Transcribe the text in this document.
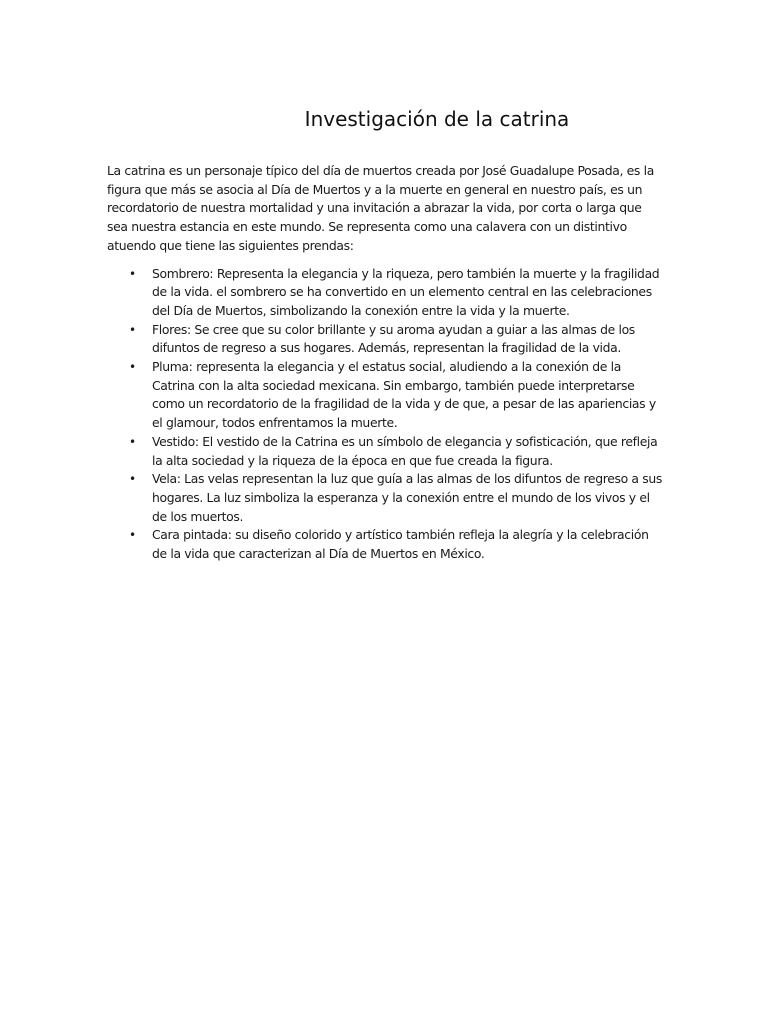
Investigación de la catrina

La catrina es un personaje típico del día de muertos creada por José Guadalupe Posada, es la figura que más se asocia al Día de Muertos y a la muerte en general en nuestro país, es un recordatorio de nuestra mortalidad y una invitación a abrazar la vida, por corta o larga que sea nuestra estancia en este mundo. Se representa como una calavera con un distintivo atuendo que tiene las siguientes prendas:

• Sombrero: Representa la elegancia y la riqueza, pero también la muerte y la fragilidad de la vida. el sombrero se ha convertido en un elemento central en las celebraciones del Día de Muertos, simbolizando la conexión entre la vida y la muerte.
• Flores: Se cree que su color brillante y su aroma ayudan a guiar a las almas de los difuntos de regreso a sus hogares. Además, representan la fragilidad de la vida.
• Pluma: representa la elegancia y el estatus social, aludiendo a la conexión de la Catrina con la alta sociedad mexicana. Sin embargo, también puede interpretarse como un recordatorio de la fragilidad de la vida y de que, a pesar de las apariencias y el glamour, todos enfrentamos la muerte.
• Vestido: El vestido de la Catrina es un símbolo de elegancia y sofisticación, que refleja la alta sociedad y la riqueza de la época en que fue creada la figura.
• Vela: Las velas representan la luz que guía a las almas de los difuntos de regreso a sus hogares. La luz simboliza la esperanza y la conexión entre el mundo de los vivos y el de los muertos.
• Cara pintada: su diseño colorido y artístico también refleja la alegría y la celebración de la vida que caracterizan al Día de Muertos en México.
